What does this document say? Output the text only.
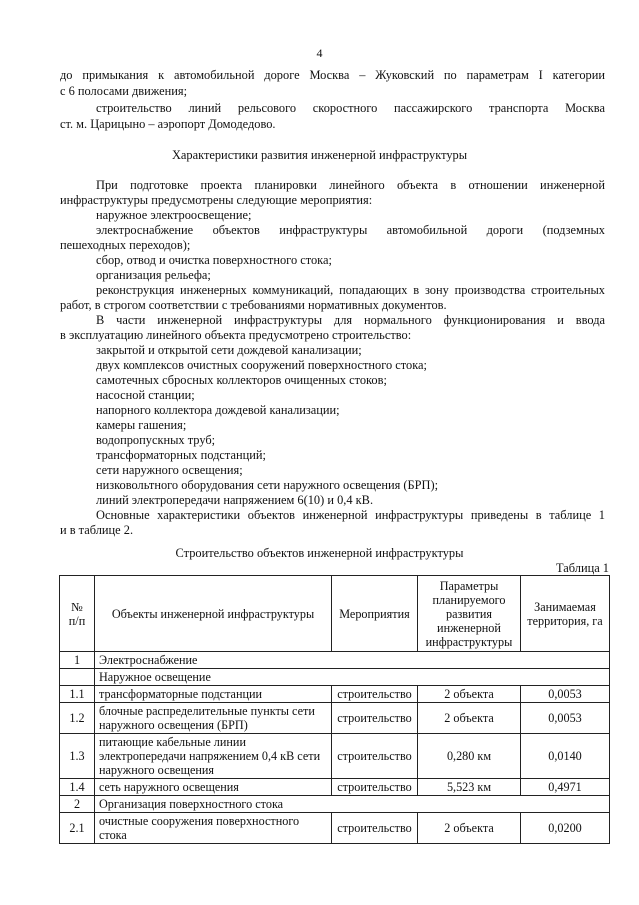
4
до примыкания к автомобильной дороге Москва – Жуковский по параметрам I категории
с 6 полосами движения;
строительство линий рельсового скоростного пассажирского транспорта Москва
ст. м. Царицыно – аэропорт Домодедово.
Характеристики развития инженерной инфраструктуры
При подготовке проекта планировки линейного объекта в отношении инженерной
инфраструктуры предусмотрены следующие мероприятия:
наружное электроосвещение;
электроснабжение объектов инфраструктуры автомобильной дороги (подземных
пешеходных переходов);
сбор, отвод и очистка поверхностного стока;
организация рельефа;
реконструкция инженерных коммуникаций, попадающих в зону производства строительных
работ, в строгом соответствии с требованиями нормативных документов.
В части инженерной инфраструктуры для нормального функционирования и ввода
в эксплуатацию линейного объекта предусмотрено строительство:
закрытой и открытой сети дождевой канализации;
двух комплексов очистных сооружений поверхностного стока;
самотечных сбросных коллекторов очищенных стоков;
насосной станции;
напорного коллектора дождевой канализации;
камеры гашения;
водопропускных труб;
трансформаторных подстанций;
сети наружного освещения;
низковольтного оборудования сети наружного освещения (БРП);
линий электропередачи напряжением 6(10) и 0,4 кВ.
Основные характеристики объектов инженерной инфраструктуры приведены в таблице 1
и в таблице 2.
Строительство объектов инженерной инфраструктуры
Таблица 1
№
п/п	Объекты инженерной инфраструктуры	Мероприятия	Параметры планируемого развития инженерной инфраструктуры	Занимаемая территория, га
1	Электроснабжение			
	Наружное освещение			
1.1	трансформаторные подстанции	строительство	2 объекта	0,0053
1.2	блочные распределительные пункты сети наружного освещения (БРП)	строительство	2 объекта	0,0053
1.3	питающие кабельные линии электропередачи напряжением 0,4 кВ сети наружного освещения	строительство	0,280 км	0,0140
1.4	сеть наружного освещения	строительство	5,523 км	0,4971
2	Организация поверхностного стока			
2.1	очистные сооружения поверхностного стока	строительство	2 объекта	0,0200
